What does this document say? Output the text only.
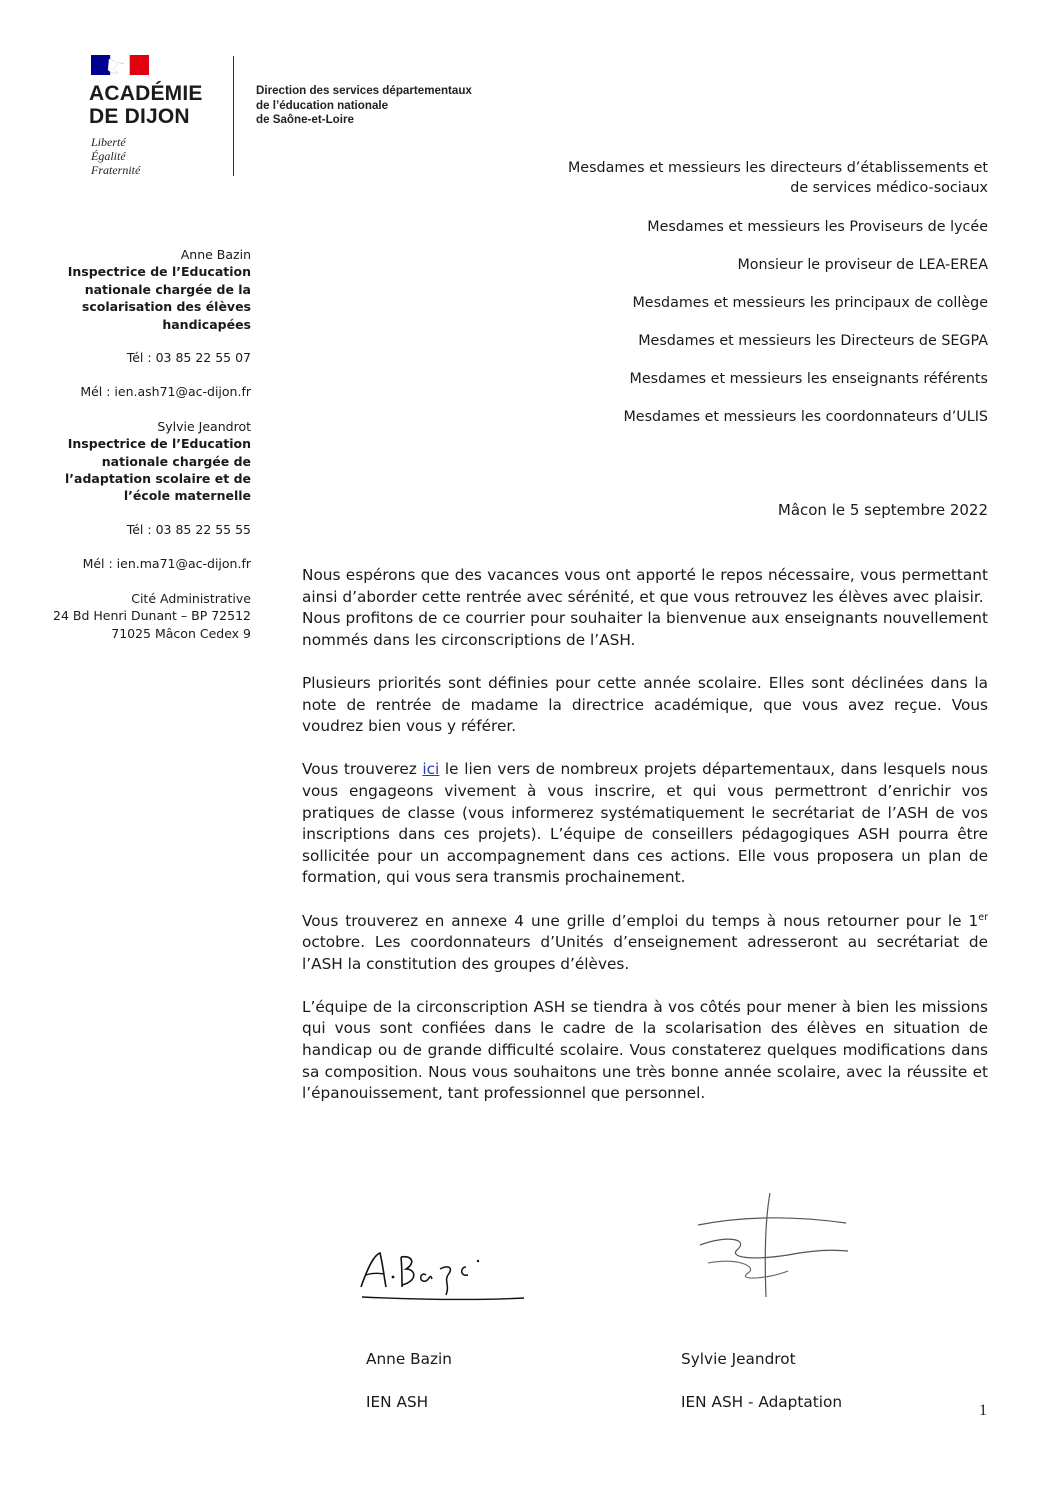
ACADÉMIE
DE DIJON
Liberté
Égalité
Fraternité
Direction des services départementaux
de l’éducation nationale
de Saône-et-Loire
Mesdames et messieurs les directeurs d’établissements et
de services médico-sociaux
Mesdames et messieurs les Proviseurs de lycée
Monsieur le proviseur de LEA-EREA
Mesdames et messieurs les principaux de collège
Mesdames et messieurs les Directeurs de SEGPA
Mesdames et messieurs les enseignants référents
Mesdames et messieurs les coordonnateurs d’ULIS
Anne Bazin
Inspectrice de l’Education
nationale chargée de la
scolarisation des élèves
handicapées
Tél : 03 85 22 55 07
Mél : ien.ash71@ac-dijon.fr
Sylvie Jeandrot
Inspectrice de l’Education
nationale chargée de
l’adaptation scolaire et de
l’école maternelle
Tél : 03 85 22 55 55
Mél : ien.ma71@ac-dijon.fr
Cité Administrative
24 Bd Henri Dunant – BP 72512
71025 Mâcon Cedex 9
Mâcon le 5 septembre 2022

Nous espérons que des vacances vous ont apporté le repos nécessaire, vous permettant ainsi d’aborder cette rentrée avec sérénité, et que vous retrouvez les élèves avec plaisir.

Nous profitons de ce courrier pour souhaiter la bienvenue aux enseignants nouvellement nommés dans les circonscriptions de l’ASH.

Plusieurs priorités sont définies pour cette année scolaire. Elles sont déclinées dans la note de rentrée de madame la directrice académique, que vous avez reçue. Vous voudrez bien vous y référer.

Vous trouverez ici le lien vers de nombreux projets départementaux, dans lesquels nous vous engageons vivement à vous inscrire, et qui vous permettront d’enrichir vos pratiques de classe (vous informerez systématiquement le secrétariat de l’ASH de vos inscriptions dans ces projets). L’équipe de conseillers pédagogiques ASH pourra être sollicitée pour un accompagnement dans ces actions. Elle vous proposera un plan de formation, qui vous sera transmis prochainement.

Vous trouverez en annexe 4 une grille d’emploi du temps à nous retourner pour le 1er octobre. Les coordonnateurs d’Unités d’enseignement adresseront au secrétariat de l’ASH la constitution des groupes d’élèves.

L’équipe de la circonscription ASH se tiendra à vos côtés pour mener à bien les missions qui vous sont confiées dans le cadre de la scolarisation des élèves en situation de handicap ou de grande difficulté scolaire. Vous constaterez quelques modifications dans sa composition. Nous vous souhaitons une très bonne année scolaire, avec la réussite et l’épanouissement, tant professionnel que personnel.

Anne Bazin
IEN ASH
Sylvie Jeandrot
IEN ASH - Adaptation	1
